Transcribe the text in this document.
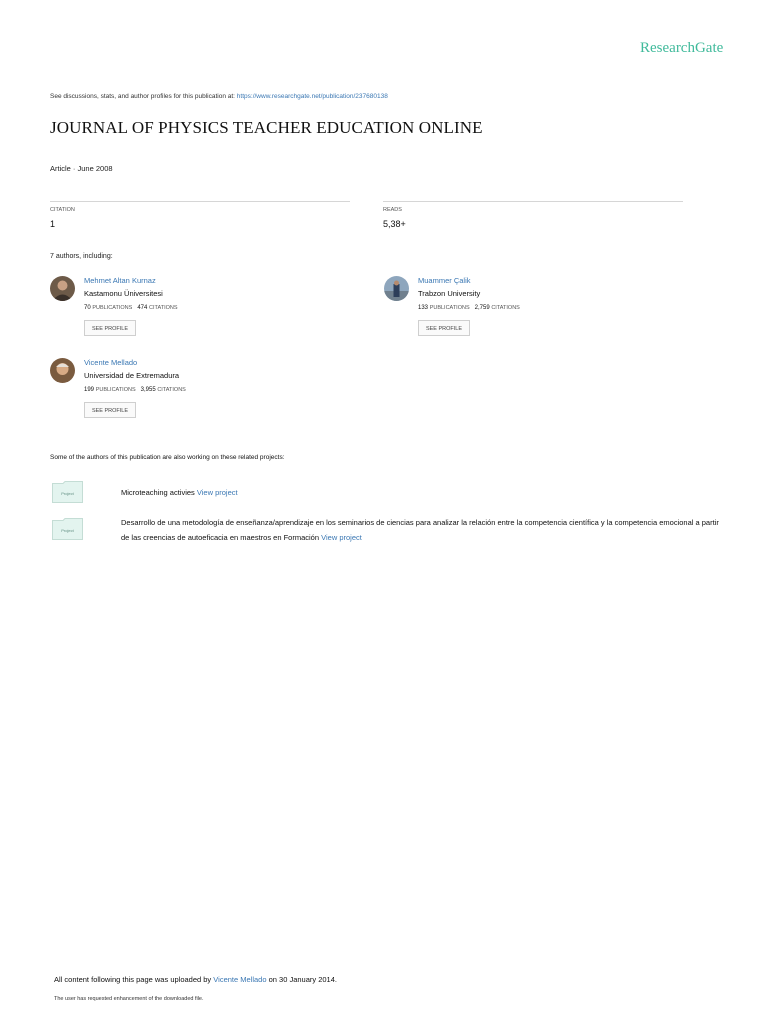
ResearchGate
See discussions, stats, and author profiles for this publication at: https://www.researchgate.net/publication/237680138
JOURNAL OF PHYSICS TEACHER EDUCATION ONLINE
Article · June 2008
CITATION
1
READS
5,38+
7 authors, including:
Mehmet Altan Kurnaz
Kastamonu Üniversitesi
70 PUBLICATIONS 474 CITATIONS
SEE PROFILE
Muammer Çalik
Trabzon University
133 PUBLICATIONS 2,759 CITATIONS
SEE PROFILE
Vicente Mellado
Universidad de Extremadura
199 PUBLICATIONS 3,955 CITATIONS
SEE PROFILE
Some of the authors of this publication are also working on these related projects:
Project	Microteaching activies View project
Project
Desarrollo de una metodología de enseñanza/aprendizaje en los seminarios de ciencias para analizar la relación entre la competencia científica y la competencia emocional a partir de las creencias de autoeficacia en maestros en Formación View project
All content following this page was uploaded by Vicente Mellado on 30 January 2014.
The user has requested enhancement of the downloaded file.
